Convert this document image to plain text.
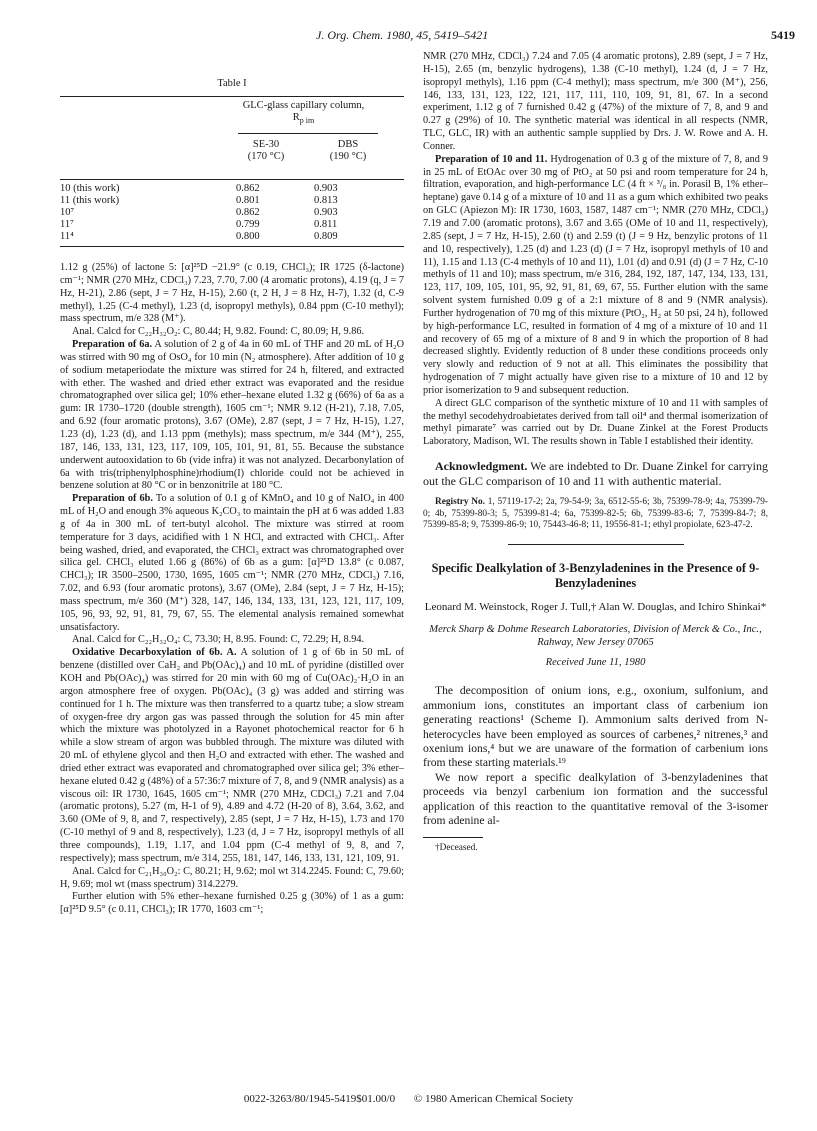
J. Org. Chem. 1980, 45, 5419–5421	5419
Table I
GLC-glass capillary column, $R_{p im}$
SE-30
(170 °C)
DBS
(190 °C)
10 (this work)	0.862	0.903
11 (this work)	0.801	0.813
10⁷	0.862	0.903
11⁷	0.799	0.811
11⁴	0.800	0.809

1.12 g (25%) of lactone 5: [α]²⁵D −21.9° (c 0.19, CHCl₃); IR 1725 (δ-lactone) cm⁻¹; NMR (270 MHz, CDCl₃) 7.23, 7.70, 7.00 (4 aromatic protons), 4.19 (q, J = 7 Hz, H-21), 2.86 (sept, J = 7 Hz, H-15), 2.60 (t, 2 H, J = 8 Hz, H-7), 1.32 (d, C-9 methyl), 1.25 (C-4 methyl), 1.23 (d, isopropyl methyls), 0.84 ppm (C-10 methyl); mass spectrum, m/e 328 (M⁺).

Anal. Calcd for C₂₂H₃₂O₂: C, 80.44; H, 9.82. Found: C, 80.09; H, 9.86.

Preparation of 6a. A solution of 2 g of 4a in 60 mL of THF and 20 mL of H₂O was stirred with 90 mg of OsO₄ for 10 min (N₂ atmosphere). After addition of 10 g of sodium metaperiodate the mixture was stirred for 24 h, filtered, and extracted with ether. The washed and dried ether extract was evaporated and the residue chromatographed over silica gel; 10% ether–hexane eluted 1.32 g (66%) of 6a as a gum: IR 1730–1720 (double strength), 1605 cm⁻¹; NMR 9.12 (H-21), 7.18, 7.05, and 6.92 (four aromatic protons), 3.67 (OMe), 2.87 (sept, J = 7 Hz, H-15), 1.27, 1.23 (d), 1.23 (d), and 1.13 ppm (methyls); mass spectrum, m/e 344 (M⁺), 255, 187, 146, 133, 131, 123, 117, 109, 105, 101, 91, 81, 55. Because the substance underwent autooxidation to 6b (vide infra) it was not analyzed. Decarbonylation of 6a with tris(triphenylphosphine)rhodium(I) chloride could not be achieved in benzene solution at 80 °C or in benzonitrile at 180 °C.

Preparation of 6b. To a solution of 0.1 g of KMnO₄ and 10 g of NaIO₄ in 400 mL of H₂O and enough 3% aqueous K₂CO₃ to maintain the pH at 6 was added 1.83 g of 4a in 300 mL of tert-butyl alcohol. The mixture was stirred at room temperature for 3 days, acidified with 1 N HCl, and extracted with CHCl₃. After being washed, dried, and evaporated, the CHCl₃ extract was chromatographed over silica gel. CHCl₃ eluted 1.66 g (86%) of 6b as a gum: [α]²⁵D 13.8° (c 0.087, CHCl₃); IR 3500–2500, 1730, 1695, 1605 cm⁻¹; NMR (270 MHz, CDCl₃) 7.16, 7.02, and 6.93 (four aromatic protons), 3.67 (OMe), 2.84 (sept, J = 7 Hz, H-15); mass spectrum, m/e 360 (M⁺) 328, 147, 146, 134, 133, 131, 123, 121, 117, 109, 105, 96, 93, 92, 91, 81, 79, 67, 55. The elemental analysis remained somewhat unsatisfactory.

Anal. Calcd for C₂₂H₃₂O₄: C, 73.30; H, 8.95. Found: C, 72.29; H, 8.94.

Oxidative Decarboxylation of 6b. A. A solution of 1 g of 6b in 50 mL of benzene (distilled over CaH₂ and Pb(OAc)₄) and 10 mL of pyridine (distilled over KOH and Pb(OAc)₄) was stirred for 20 min with 60 mg of Cu(OAc)₂·H₂O in an argon atmosphere free of oxygen. Pb(OAc)₄ (3 g) was added and stirring was continued for 1 h. The mixture was then transferred to a quartz tube; a slow stream of oxygen-free dry argon gas was passed through the solution for 45 min after which the mixture was photolyzed in a Rayonet photochemical reactor for 6 h while a slow stream of argon was bubbled through. The mixture was diluted with 20 mL of ethylene glycol and then H₂O and extracted with ether. The washed and dried ether extract was evaporated and chromatographed over silica gel; 3% ether–hexane eluted 0.42 g (48%) of a 57:36:7 mixture of 7, 8, and 9 (NMR analysis) as a viscous oil: IR 1730, 1645, 1605 cm⁻¹; NMR (270 MHz, CDCl₃) 7.21 and 7.04 (aromatic protons), 5.27 (m, H-1 of 9), 4.89 and 4.72 (H-20 of 8), 3.64, 3.62, and 3.60 (OMe of 9, 8, and 7, respectively), 2.85 (sept, J = 7 Hz, H-15), 1.73 and 170 (C-10 methyl of 9 and 8, respectively), 1.23 (d, J = 7 Hz, isopropyl methyls of all three compounds), 1.19, 1.17, and 1.04 ppm (C-4 methyl of 9, 8, and 7, respectively); mass spectrum, m/e 314, 255, 181, 147, 146, 133, 131, 121, 109, 91.

Anal. Calcd for C₂₁H₃₀O₂: C, 80.21; H, 9.62; mol wt 314.2245. Found: C, 79.60; H, 9.69; mol wt (mass spectrum) 314.2279.

Further elution with 5% ether–hexane furnished 0.25 g (30%) of 1 as a gum: [α]²⁵D 9.5° (c 0.11, CHCl₃); IR 1770, 1603 cm⁻¹;

NMR (270 MHz, CDCl₃) 7.24 and 7.05 (4 aromatic protons), 2.89 (sept, J = 7 Hz, H-15), 2.65 (m, benzylic hydrogens), 1.38 (C-10 methyl), 1.24 (d, J = 7 Hz, isopropyl methyls), 1.16 ppm (C-4 methyl); mass spectrum, m/e 300 (M⁺), 256, 146, 133, 131, 123, 122, 121, 117, 111, 110, 109, 91, 81, 67. In a second experiment, 1.12 g of 7 furnished 0.42 g (47%) of the mixture of 7, 8, and 9 and 0.27 g (29%) of 10. The synthetic material was identical in all respects (NMR, TLC, GLC, IR) with an authentic sample supplied by Drs. J. W. Rowe and A. H. Conner.

Preparation of 10 and 11. Hydrogenation of 0.3 g of the mixture of 7, 8, and 9 in 25 mL of EtOAc over 30 mg of PtO₂ at 50 psi and room temperature for 24 h, filtration, evaporation, and high-performance LC (4 ft × ³/₈ in. Porasil B, 1% ether–heptane) gave 0.14 g of a mixture of 10 and 11 as a gum which exhibited two peaks on GLC (Apiezon M): IR 1730, 1603, 1587, 1487 cm⁻¹; NMR (270 MHz, CDCl₃) 7.19 and 7.00 (aromatic protons), 3.67 and 3.65 (OMe of 10 and 11, respectively), 2.85 (sept, J = 7 Hz, H-15), 2.60 (t) and 2.59 (t) (J = 9 Hz, benzylic protons of 11 and 10, respectively), 1.25 (d) and 1.23 (d) (J = 7 Hz, isopropyl methyls of 10 and 11), 1.15 and 1.13 (C-4 methyls of 10 and 11), 1.01 (d) and 0.91 (d) (J = 7 Hz, C-10 methyls of 11 and 10); mass spectrum, m/e 316, 284, 192, 187, 147, 134, 133, 131, 123, 117, 109, 105, 101, 95, 92, 91, 81, 69, 67, 55. Further elution with the same solvent system furnished 0.09 g of a 2:1 mixture of 8 and 9 (NMR analysis). Further hydrogenation of 70 mg of this mixture (PtO₂, H₂ at 50 psi, 24 h), followed by high-performance LC, resulted in formation of 4 mg of a mixture of 10 and 11 and recovery of 65 mg of a mixture of 8 and 9 in which the proportion of 8 had decreased slightly. Evidently reduction of 8 under these conditions proceeds only very slowly and reduction of 9 not at all. This eliminates the possibility that hydrogenation of 7 might actually have given rise to a mixture of 10 and 12 by prior isomerization to 9 and subsequent reduction.

A direct GLC comparison of the synthetic mixture of 10 and 11 with samples of the methyl secodehydroabietates derived from tall oil⁴ and thermal isomerization of methyl pimarate⁷ was carried out by Dr. Duane Zinkel at the Forest Products Laboratory, Madison, WI. The results shown in Table I established their identity.

Acknowledgment. We are indebted to Dr. Duane Zinkel for carrying out the GLC comparison of 10 and 11 with authentic material.

Registry No. 1, 57119-17-2; 2a, 79-54-9; 3a, 6512-55-6; 3b, 75399-78-9; 4a, 75399-79-0; 4b, 75399-80-3; 5, 75399-81-4; 6a, 75399-82-5; 6b, 75399-83-6; 7, 75399-84-7; 8, 75399-85-8; 9, 75399-86-9; 10, 75443-46-8; 11, 19556-81-1; ethyl propiolate, 623-47-2.

Specific Dealkylation of 3-Benzyladenines in the Presence of 9-Benzyladenines
Leonard M. Weinstock, Roger J. Tull,† Alan W. Douglas, and Ichiro Shinkai*
Merck Sharp & Dohme Research Laboratories, Division of Merck & Co., Inc., Rahway, New Jersey 07065
Received June 11, 1980

The decomposition of onium ions, e.g., oxonium, sulfonium, and ammonium ions, constitutes an important class of carbenium ion generating reactions¹ (Scheme I). Ammonium salts derived from N-heterocycles have been employed as sources of carbenes,² nitrenes,³ and oxenium ions,⁴ but we are unaware of the formation of carbenium ions from these starting materials.¹⁹

We now report a specific dealkylation of 3-benzyladenines that proceeds via benzyl carbenium ion formation and the successful application of this reaction to the quantitative removal of the 3-isomer from adenine al-

†Deceased.

0022-3263/80/1945-5419$01.00/0 © 1980 American Chemical Society
